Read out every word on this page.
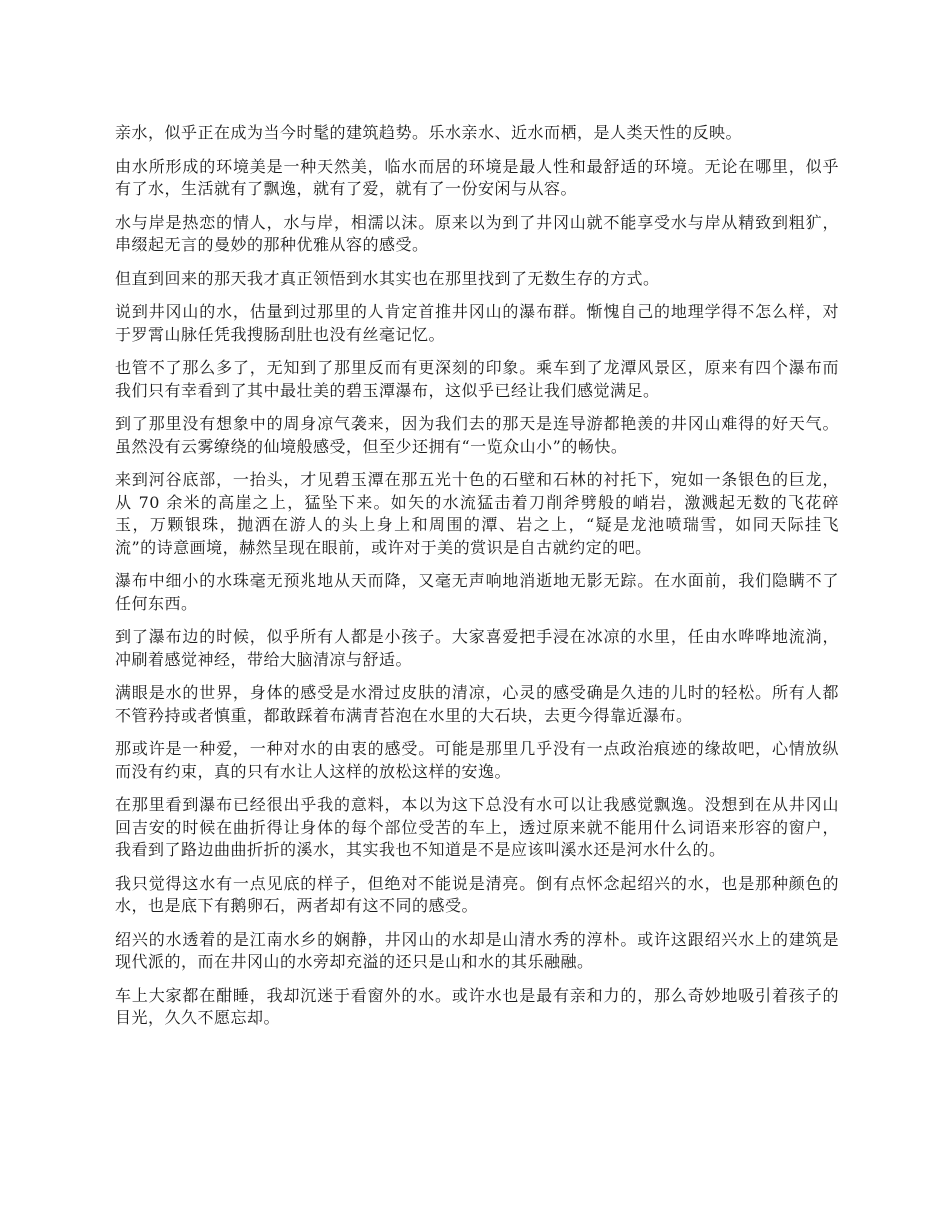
亲水，似乎正在成为当今时髦的建筑趋势。乐水亲水、近水而栖，是人类天性的反映。

由水所形成的环境美是一种天然美，临水而居的环境是最人性和最舒适的环境。无论在哪里，似乎有了水，生活就有了飘逸，就有了爱，就有了一份安闲与从容。

水与岸是热恋的情人，水与岸，相濡以沫。原来以为到了井冈山就不能享受水与岸从精致到粗犷，串缀起无言的曼妙的那种优雅从容的感受。

但直到回来的那天我才真正领悟到水其实也在那里找到了无数生存的方式。

说到井冈山的水，估量到过那里的人肯定首推井冈山的瀑布群。惭愧自己的地理学得不怎么样，对于罗霄山脉任凭我搜肠刮肚也没有丝毫记忆。

也管不了那么多了，无知到了那里反而有更深刻的印象。乘车到了龙潭风景区，原来有四个瀑布而我们只有幸看到了其中最壮美的碧玉潭瀑布，这似乎已经让我们感觉满足。

到了那里没有想象中的周身凉气袭来，因为我们去的那天是连导游都艳羡的井冈山难得的好天气。虽然没有云雾缭绕的仙境般感受，但至少还拥有“一览众山小”的畅快。

来到河谷底部，一抬头，才见碧玉潭在那五光十色的石壁和石林的衬托下，宛如一条银色的巨龙，从 70 余米的高崖之上，猛坠下来。如矢的水流猛击着刀削斧劈般的峭岩，激溅起无数的飞花碎玉，万颗银珠，抛洒在游人的头上身上和周围的潭、岩之上，“疑是龙池喷瑞雪，如同天际挂飞流”的诗意画境，赫然呈现在眼前，或许对于美的赏识是自古就约定的吧。

瀑布中细小的水珠毫无预兆地从天而降，又毫无声响地消逝地无影无踪。在水面前，我们隐瞒不了任何东西。

到了瀑布边的时候，似乎所有人都是小孩子。大家喜爱把手浸在冰凉的水里，任由水哗哗地流淌，冲刷着感觉神经，带给大脑清凉与舒适。

满眼是水的世界，身体的感受是水滑过皮肤的清凉，心灵的感受确是久违的儿时的轻松。所有人都不管矜持或者慎重，都敢踩着布满青苔泡在水里的大石块，去更今得靠近瀑布。

那或许是一种爱，一种对水的由衷的感受。可能是那里几乎没有一点政治痕迹的缘故吧，心情放纵而没有约束，真的只有水让人这样的放松这样的安逸。

在那里看到瀑布已经很出乎我的意料，本以为这下总没有水可以让我感觉飘逸。没想到在从井冈山回吉安的时候在曲折得让身体的每个部位受苦的车上，透过原来就不能用什么词语来形容的窗户，我看到了路边曲曲折折的溪水，其实我也不知道是不是应该叫溪水还是河水什么的。

我只觉得这水有一点见底的样子，但绝对不能说是清亮。倒有点怀念起绍兴的水，也是那种颜色的水，也是底下有鹅卵石，两者却有这不同的感受。

绍兴的水透着的是江南水乡的娴静，井冈山的水却是山清水秀的淳朴。或许这跟绍兴水上的建筑是现代派的，而在井冈山的水旁却充溢的还只是山和水的其乐融融。

车上大家都在酣睡，我却沉迷于看窗外的水。或许水也是最有亲和力的，那么奇妙地吸引着孩子的目光，久久不愿忘却。
